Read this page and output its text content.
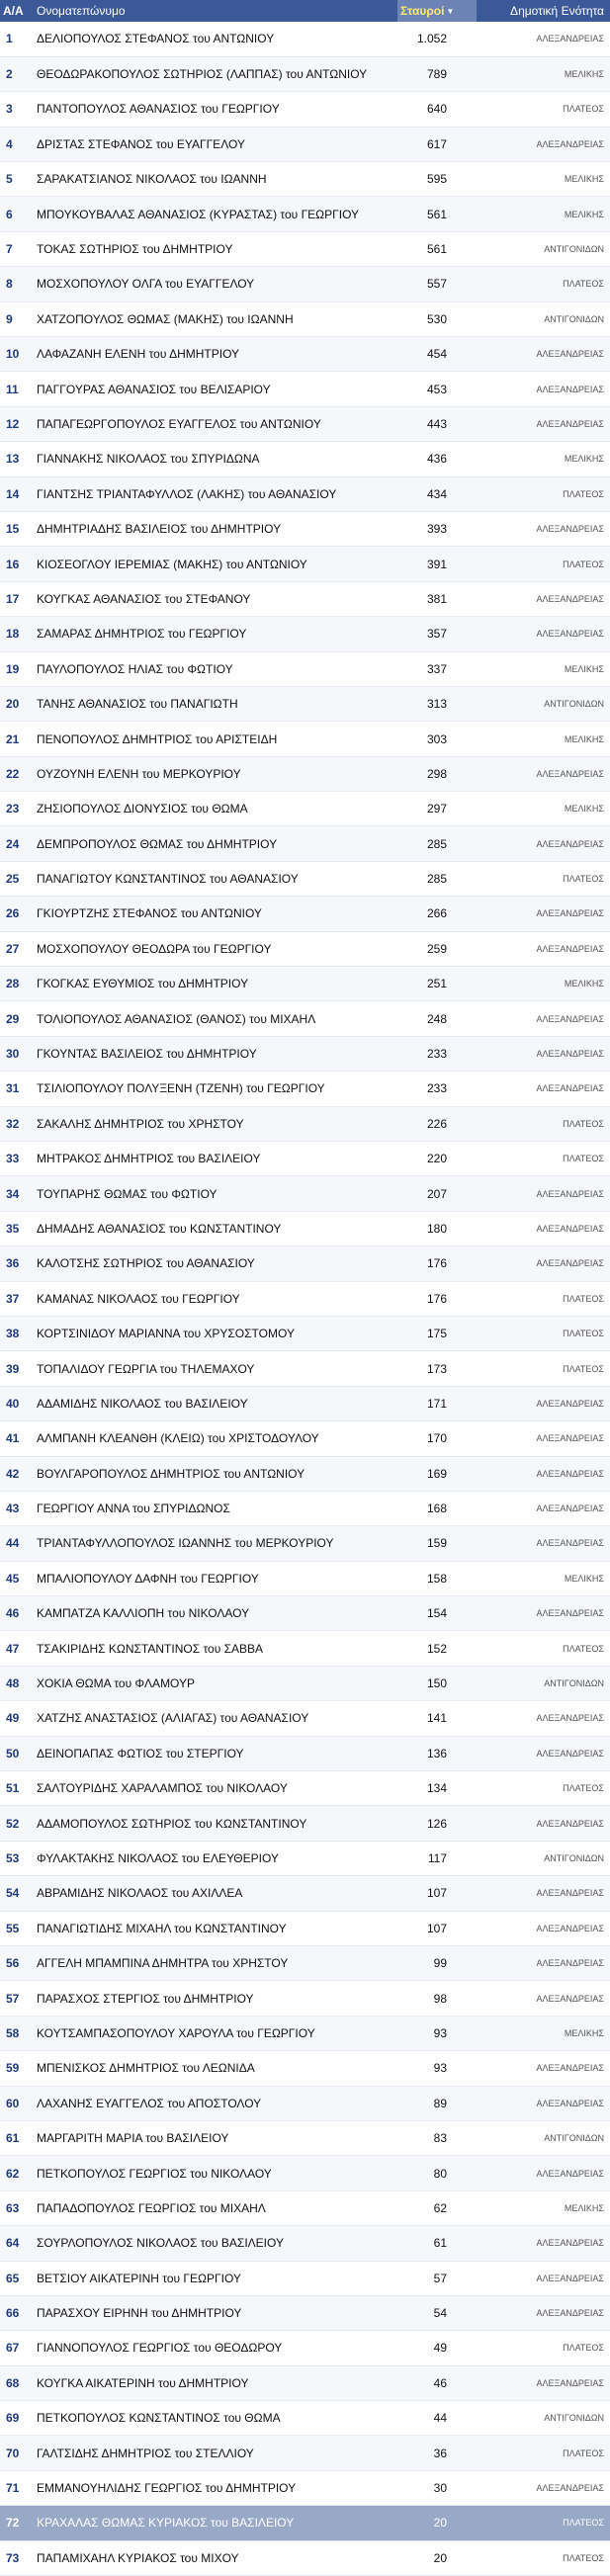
Α/Α	Ονοματεπώνυμο	Σταυροί ▼	Δημοτική Ενότητα
1	ΔΕΛΙΟΠΟΥΛΟΣ ΣΤΕΦΑΝΟΣ του ΑΝΤΩΝΙΟΥ	1.052	ΑΛΕΞΑΝΔΡΕΙΑΣ
2	ΘΕΟΔΩΡΑΚΟΠΟΥΛΟΣ ΣΩΤΗΡΙΟΣ (ΛΑΠΠΑΣ) του ΑΝΤΩΝΙΟΥ	789	ΜΕΛΙΚΗΣ
3	ΠΑΝΤΟΠΟΥΛΟΣ ΑΘΑΝΑΣΙΟΣ του ΓΕΩΡΓΙΟΥ	640	ΠΛΑΤΕΟΣ
4	ΔΡΙΣΤΑΣ ΣΤΕΦΑΝΟΣ του ΕΥΑΓΓΕΛΟΥ	617	ΑΛΕΞΑΝΔΡΕΙΑΣ
5	ΣΑΡΑΚΑΤΣΙΑΝΟΣ ΝΙΚΟΛΑΟΣ του ΙΩΑΝΝΗ	595	ΜΕΛΙΚΗΣ
6	ΜΠΟΥΚΟΥΒΑΛΑΣ ΑΘΑΝΑΣΙΟΣ (ΚΥΡΑΣΤΑΣ) του ΓΕΩΡΓΙΟΥ	561	ΜΕΛΙΚΗΣ
7	ΤΟΚΑΣ ΣΩΤΗΡΙΟΣ του ΔΗΜΗΤΡΙΟΥ	561	ΑΝΤΙΓΟΝΙΔΩΝ
8	ΜΟΣΧΟΠΟΥΛΟΥ ΟΛΓΑ του ΕΥΑΓΓΕΛΟΥ	557	ΠΛΑΤΕΟΣ
9	ΧΑΤΖΟΠΟΥΛΟΣ ΘΩΜΑΣ (ΜΑΚΗΣ) του ΙΩΑΝΝΗ	530	ΑΝΤΙΓΟΝΙΔΩΝ
10	ΛΑΦΑΖΑΝΗ ΕΛΕΝΗ του ΔΗΜΗΤΡΙΟΥ	454	ΑΛΕΞΑΝΔΡΕΙΑΣ
11	ΠΑΓΓΟΥΡΑΣ ΑΘΑΝΑΣΙΟΣ του ΒΕΛΙΣΑΡΙΟΥ	453	ΑΛΕΞΑΝΔΡΕΙΑΣ
12	ΠΑΠΑΓΕΩΡΓΟΠΟΥΛΟΣ ΕΥΑΓΓΕΛΟΣ του ΑΝΤΩΝΙΟΥ	443	ΑΛΕΞΑΝΔΡΕΙΑΣ
13	ΓΙΑΝΝΑΚΗΣ ΝΙΚΟΛΑΟΣ του ΣΠΥΡΙΔΩΝΑ	436	ΜΕΛΙΚΗΣ
14	ΓΙΑΝΤΣΗΣ ΤΡΙΑΝΤΑΦΥΛΛΟΣ (ΛΑΚΗΣ) του ΑΘΑΝΑΣΙΟΥ	434	ΠΛΑΤΕΟΣ
15	ΔΗΜΗΤΡΙΑΔΗΣ ΒΑΣΙΛΕΙΟΣ του ΔΗΜΗΤΡΙΟΥ	393	ΑΛΕΞΑΝΔΡΕΙΑΣ
16	ΚΙΟΣΕΟΓΛΟΥ ΙΕΡΕΜΙΑΣ (ΜΑΚΗΣ) του ΑΝΤΩΝΙΟΥ	391	ΠΛΑΤΕΟΣ
17	ΚΟΥΓΚΑΣ ΑΘΑΝΑΣΙΟΣ του ΣΤΕΦΑΝΟΥ	381	ΑΛΕΞΑΝΔΡΕΙΑΣ
18	ΣΑΜΑΡΑΣ ΔΗΜΗΤΡΙΟΣ του ΓΕΩΡΓΙΟΥ	357	ΑΛΕΞΑΝΔΡΕΙΑΣ
19	ΠΑΥΛΟΠΟΥΛΟΣ ΗΛΙΑΣ του ΦΩΤΙΟΥ	337	ΜΕΛΙΚΗΣ
20	ΤΑΝΗΣ ΑΘΑΝΑΣΙΟΣ του ΠΑΝΑΓΙΩΤΗ	313	ΑΝΤΙΓΟΝΙΔΩΝ
21	ΠΕΝΟΠΟΥΛΟΣ ΔΗΜΗΤΡΙΟΣ του ΑΡΙΣΤΕΙΔΗ	303	ΜΕΛΙΚΗΣ
22	ΟΥΖΟΥΝΗ ΕΛΕΝΗ του ΜΕΡΚΟΥΡΙΟΥ	298	ΑΛΕΞΑΝΔΡΕΙΑΣ
23	ΖΗΣΙΟΠΟΥΛΟΣ ΔΙΟΝΥΣΙΟΣ του ΘΩΜΑ	297	ΜΕΛΙΚΗΣ
24	ΔΕΜΠΡΟΠΟΥΛΟΣ ΘΩΜΑΣ του ΔΗΜΗΤΡΙΟΥ	285	ΑΛΕΞΑΝΔΡΕΙΑΣ
25	ΠΑΝΑΓΙΩΤΟΥ ΚΩΝΣΤΑΝΤΙΝΟΣ του ΑΘΑΝΑΣΙΟΥ	285	ΠΛΑΤΕΟΣ
26	ΓΚΙΟΥΡΤΖΗΣ ΣΤΕΦΑΝΟΣ του ΑΝΤΩΝΙΟΥ	266	ΑΛΕΞΑΝΔΡΕΙΑΣ
27	ΜΟΣΧΟΠΟΥΛΟΥ ΘΕΟΔΩΡΑ του ΓΕΩΡΓΙΟΥ	259	ΑΛΕΞΑΝΔΡΕΙΑΣ
28	ΓΚΟΓΚΑΣ ΕΥΘΥΜΙΟΣ του ΔΗΜΗΤΡΙΟΥ	251	ΜΕΛΙΚΗΣ
29	ΤΟΛΙΟΠΟΥΛΟΣ ΑΘΑΝΑΣΙΟΣ (ΘΑΝΟΣ) του ΜΙΧΑΗΛ	248	ΑΛΕΞΑΝΔΡΕΙΑΣ
30	ΓΚΟΥΝΤΑΣ ΒΑΣΙΛΕΙΟΣ του ΔΗΜΗΤΡΙΟΥ	233	ΑΛΕΞΑΝΔΡΕΙΑΣ
31	ΤΣΙΛΙΟΠΟΥΛΟΥ ΠΟΛΥΞΕΝΗ (ΤΖΕΝΗ) του ΓΕΩΡΓΙΟΥ	233	ΑΛΕΞΑΝΔΡΕΙΑΣ
32	ΣΑΚΑΛΗΣ ΔΗΜΗΤΡΙΟΣ του ΧΡΗΣΤΟΥ	226	ΠΛΑΤΕΟΣ
33	ΜΗΤΡΑΚΟΣ ΔΗΜΗΤΡΙΟΣ του ΒΑΣΙΛΕΙΟΥ	220	ΠΛΑΤΕΟΣ
34	ΤΟΥΠΑΡΗΣ ΘΩΜΑΣ του ΦΩΤΙΟΥ	207	ΑΛΕΞΑΝΔΡΕΙΑΣ
35	ΔΗΜΑΔΗΣ ΑΘΑΝΑΣΙΟΣ του ΚΩΝΣΤΑΝΤΙΝΟΥ	180	ΑΛΕΞΑΝΔΡΕΙΑΣ
36	ΚΑΛΟΤΣΗΣ ΣΩΤΗΡΙΟΣ του ΑΘΑΝΑΣΙΟΥ	176	ΑΛΕΞΑΝΔΡΕΙΑΣ
37	ΚΑΜΑΝΑΣ ΝΙΚΟΛΑΟΣ του ΓΕΩΡΓΙΟΥ	176	ΠΛΑΤΕΟΣ
38	ΚΟΡΤΣΙΝΙΔΟΥ ΜΑΡΙΑΝΝΑ του ΧΡΥΣΟΣΤΟΜΟΥ	175	ΠΛΑΤΕΟΣ
39	ΤΟΠΑΛΙΔΟΥ ΓΕΩΡΓΙΑ του ΤΗΛΕΜΑΧΟΥ	173	ΠΛΑΤΕΟΣ
40	ΑΔΑΜΙΔΗΣ ΝΙΚΟΛΑΟΣ του ΒΑΣΙΛΕΙΟΥ	171	ΑΛΕΞΑΝΔΡΕΙΑΣ
41	ΑΛΜΠΑΝΗ ΚΛΕΑΝΘΗ (ΚΛΕΙΩ) του ΧΡΙΣΤΟΔΟΥΛΟΥ	170	ΑΛΕΞΑΝΔΡΕΙΑΣ
42	ΒΟΥΛΓΑΡΟΠΟΥΛΟΣ ΔΗΜΗΤΡΙΟΣ του ΑΝΤΩΝΙΟΥ	169	ΑΛΕΞΑΝΔΡΕΙΑΣ
43	ΓΕΩΡΓΙΟΥ ΑΝΝΑ του ΣΠΥΡΙΔΩΝΟΣ	168	ΑΛΕΞΑΝΔΡΕΙΑΣ
44	ΤΡΙΑΝΤΑΦΥΛΛΟΠΟΥΛΟΣ ΙΩΑΝΝΗΣ του ΜΕΡΚΟΥΡΙΟΥ	159	ΑΛΕΞΑΝΔΡΕΙΑΣ
45	ΜΠΑΛΙΟΠΟΥΛΟΥ ΔΑΦΝΗ του ΓΕΩΡΓΙΟΥ	158	ΜΕΛΙΚΗΣ
46	ΚΑΜΠΑΤΖΑ ΚΑΛΛΙΟΠΗ του ΝΙΚΟΛΑΟΥ	154	ΑΛΕΞΑΝΔΡΕΙΑΣ
47	ΤΣΑΚΙΡΙΔΗΣ ΚΩΝΣΤΑΝΤΙΝΟΣ του ΣΑΒΒΑ	152	ΠΛΑΤΕΟΣ
48	ΧΟΚΙΑ ΘΩΜΑ του ΦΛΑΜΟΥΡ	150	ΑΝΤΙΓΟΝΙΔΩΝ
49	ΧΑΤΖΗΣ ΑΝΑΣΤΑΣΙΟΣ (ΑΛΙΑΓΑΣ) του ΑΘΑΝΑΣΙΟΥ	141	ΑΛΕΞΑΝΔΡΕΙΑΣ
50	ΔΕΙΝΟΠΑΠΑΣ ΦΩΤΙΟΣ του ΣΤΕΡΓΙΟΥ	136	ΑΛΕΞΑΝΔΡΕΙΑΣ
51	ΣΑΛΤΟΥΡΙΔΗΣ ΧΑΡΑΛΑΜΠΟΣ του ΝΙΚΟΛΑΟΥ	134	ΠΛΑΤΕΟΣ
52	ΑΔΑΜΟΠΟΥΛΟΣ ΣΩΤΗΡΙΟΣ του ΚΩΝΣΤΑΝΤΙΝΟΥ	126	ΑΛΕΞΑΝΔΡΕΙΑΣ
53	ΦΥΛΑΚΤΑΚΗΣ ΝΙΚΟΛΑΟΣ του ΕΛΕΥΘΕΡΙΟΥ	117	ΑΝΤΙΓΟΝΙΔΩΝ
54	ΑΒΡΑΜΙΔΗΣ ΝΙΚΟΛΑΟΣ του ΑΧΙΛΛΕΑ	107	ΑΛΕΞΑΝΔΡΕΙΑΣ
55	ΠΑΝΑΓΙΩΤΙΔΗΣ ΜΙΧΑΗΛ του ΚΩΝΣΤΑΝΤΙΝΟΥ	107	ΑΛΕΞΑΝΔΡΕΙΑΣ
56	ΑΓΓΕΛΗ ΜΠΑΜΠΙΝΑ ΔΗΜΗΤΡΑ του ΧΡΗΣΤΟΥ	99	ΑΛΕΞΑΝΔΡΕΙΑΣ
57	ΠΑΡΑΣΧΟΣ ΣΤΕΡΓΙΟΣ του ΔΗΜΗΤΡΙΟΥ	98	ΑΛΕΞΑΝΔΡΕΙΑΣ
58	ΚΟΥΤΣΑΜΠΑΣΟΠΟΥΛΟΥ ΧΑΡΟΥΛΑ του ΓΕΩΡΓΙΟΥ	93	ΜΕΛΙΚΗΣ
59	ΜΠΕΝΙΣΚΟΣ ΔΗΜΗΤΡΙΟΣ του ΛΕΩΝΙΔΑ	93	ΑΛΕΞΑΝΔΡΕΙΑΣ
60	ΛΑΧΑΝΗΣ ΕΥΑΓΓΕΛΟΣ του ΑΠΟΣΤΟΛΟΥ	89	ΑΛΕΞΑΝΔΡΕΙΑΣ
61	ΜΑΡΓΑΡΙΤΗ ΜΑΡΙΑ του ΒΑΣΙΛΕΙΟΥ	83	ΑΝΤΙΓΟΝΙΔΩΝ
62	ΠΕΤΚΟΠΟΥΛΟΣ ΓΕΩΡΓΙΟΣ του ΝΙΚΟΛΑΟΥ	80	ΑΛΕΞΑΝΔΡΕΙΑΣ
63	ΠΑΠΑΔΟΠΟΥΛΟΣ ΓΕΩΡΓΙΟΣ του ΜΙΧΑΗΛ	62	ΜΕΛΙΚΗΣ
64	ΣΟΥΡΛΟΠΟΥΛΟΣ ΝΙΚΟΛΑΟΣ του ΒΑΣΙΛΕΙΟΥ	61	ΑΛΕΞΑΝΔΡΕΙΑΣ
65	ΒΕΤΣΙΟΥ ΑΙΚΑΤΕΡΙΝΗ του ΓΕΩΡΓΙΟΥ	57	ΑΛΕΞΑΝΔΡΕΙΑΣ
66	ΠΑΡΑΣΧΟΥ ΕΙΡΗΝΗ του ΔΗΜΗΤΡΙΟΥ	54	ΑΛΕΞΑΝΔΡΕΙΑΣ
67	ΓΙΑΝΝΟΠΟΥΛΟΣ ΓΕΩΡΓΙΟΣ του ΘΕΟΔΩΡΟΥ	49	ΠΛΑΤΕΟΣ
68	ΚΟΥΓΚΑ ΑΙΚΑΤΕΡΙΝΗ του ΔΗΜΗΤΡΙΟΥ	46	ΑΛΕΞΑΝΔΡΕΙΑΣ
69	ΠΕΤΚΟΠΟΥΛΟΣ ΚΩΝΣΤΑΝΤΙΝΟΣ του ΘΩΜΑ	44	ΑΝΤΙΓΟΝΙΔΩΝ
70	ΓΑΛΤΣΙΔΗΣ ΔΗΜΗΤΡΙΟΣ του ΣΤΕΛΛΙΟΥ	36	ΠΛΑΤΕΟΣ
71	ΕΜΜΑΝΟΥΗΛΙΔΗΣ ΓΕΩΡΓΙΟΣ του ΔΗΜΗΤΡΙΟΥ	30	ΑΛΕΞΑΝΔΡΕΙΑΣ
72	ΚΡΑΧΑΛΑΣ ΘΩΜΑΣ ΚΥΡΙΑΚΟΣ του ΒΑΣΙΛΕΙΟΥ	20	ΠΛΑΤΕΟΣ
73	ΠΑΠΑΜΙΧΑΗΛ ΚΥΡΙΑΚΟΣ του ΜΙΧΟΥ	20	ΠΛΑΤΕΟΣ
